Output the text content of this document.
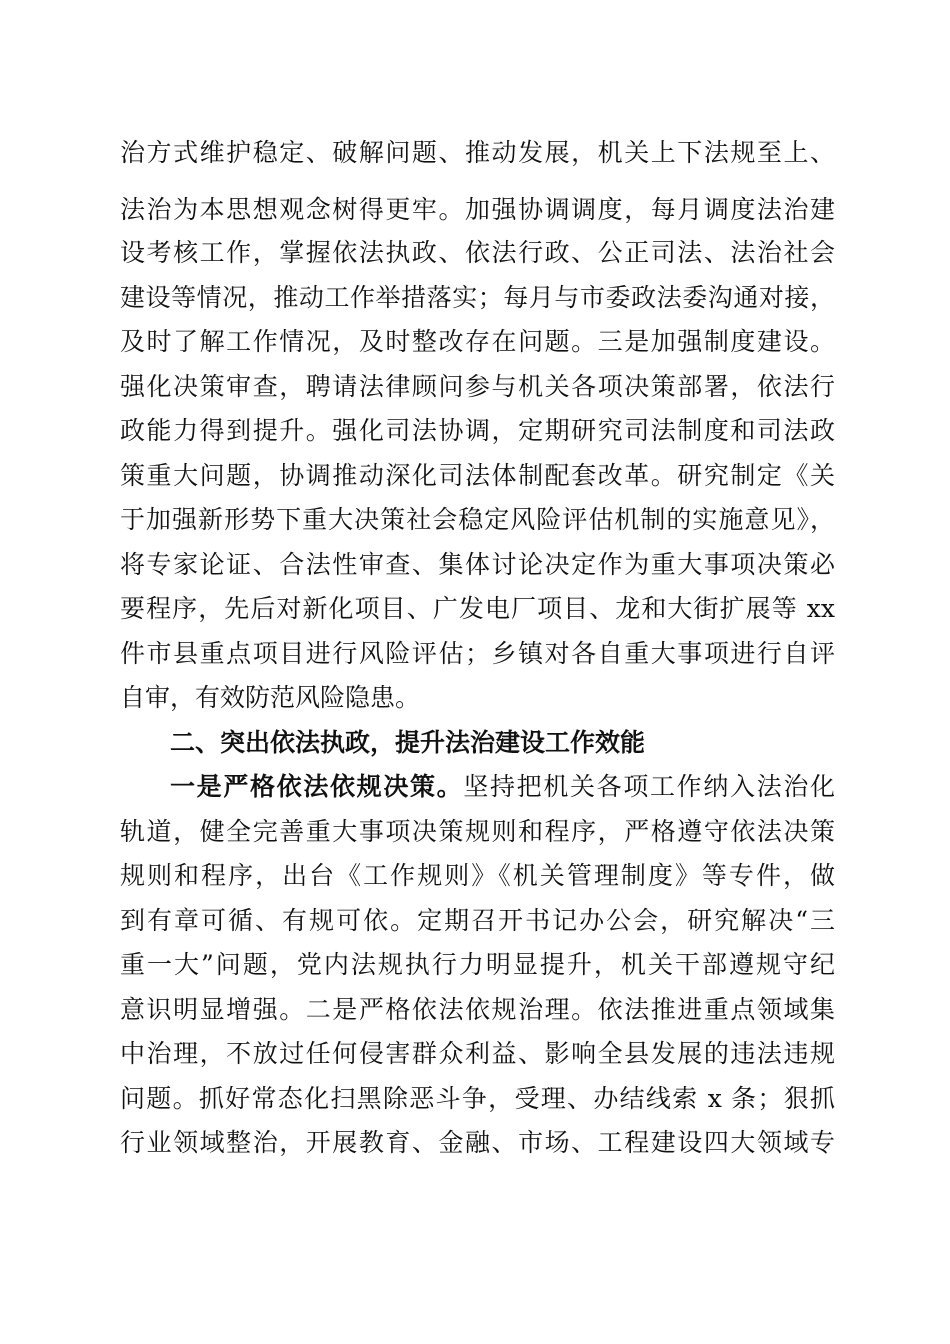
治方式维护稳定、破解问题、推动发展，机关上下法规至上、
法治为本思想观念树得更牢。加强协调调度，每月调度法治建
设考核工作，掌握依法执政、依法行政、公正司法、法治社会
建设等情况，推动工作举措落实；每月与市委政法委沟通对接，
及时了解工作情况，及时整改存在问题。三是加强制度建设。
强化决策审查，聘请法律顾问参与机关各项决策部署，依法行
政能力得到提升。强化司法协调，定期研究司法制度和司法政
策重大问题，协调推动深化司法体制配套改革。研究制定《关
于加强新形势下重大决策社会稳定风险评估机制的实施意见》，
将专家论证、合法性审查、集体讨论决定作为重大事项决策必
要程序，先后对新化项目、广发电厂项目、龙和大街扩展等 xx
件市县重点项目进行风险评估；乡镇对各自重大事项进行自评
自审，有效防范风险隐患。
二、突出依法执政，提升法治建设工作效能
一是严格依法依规决策。坚持把机关各项工作纳入法治化
轨道，健全完善重大事项决策规则和程序，严格遵守依法决策
规则和程序，出台《工作规则》《机关管理制度》等专件，做
到有章可循、有规可依。定期召开书记办公会，研究解决“三
重一大”问题，党内法规执行力明显提升，机关干部遵规守纪
意识明显增强。二是严格依法依规治理。依法推进重点领域集
中治理，不放过任何侵害群众利益、影响全县发展的违法违规
问题。抓好常态化扫黑除恶斗争，受理、办结线索 x 条；狠抓
行业领域整治，开展教育、金融、市场、工程建设四大领域专
